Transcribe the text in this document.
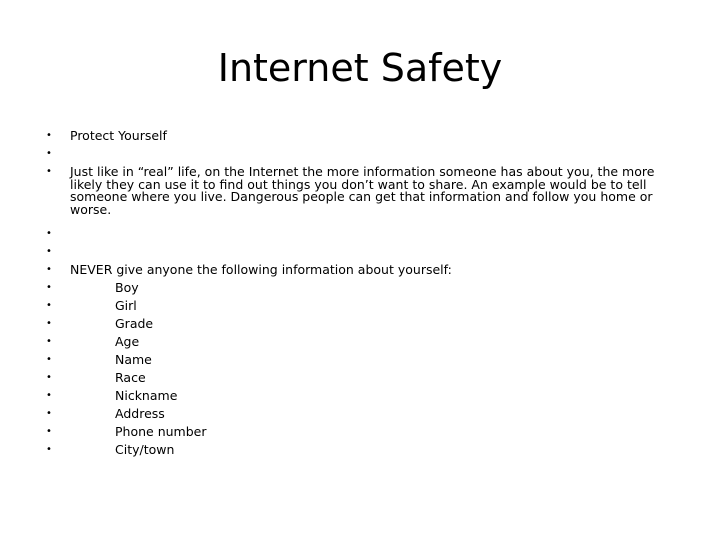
Internet Safety
•
•
•
•
•
•
•
•
•
•
•
•
•
•
•
•
Protect Yourself
Just like in “real” life, on the Internet the more information someone has about you, the more likely they can use it to find out things you don’t want to share. An example would be to tell someone where you live. Dangerous people can get that information and follow you home or worse.
NEVER give anyone the following information about yourself:
Boy
Girl
Grade
Age
Name
Race
Nickname
Address
Phone number
City/town
